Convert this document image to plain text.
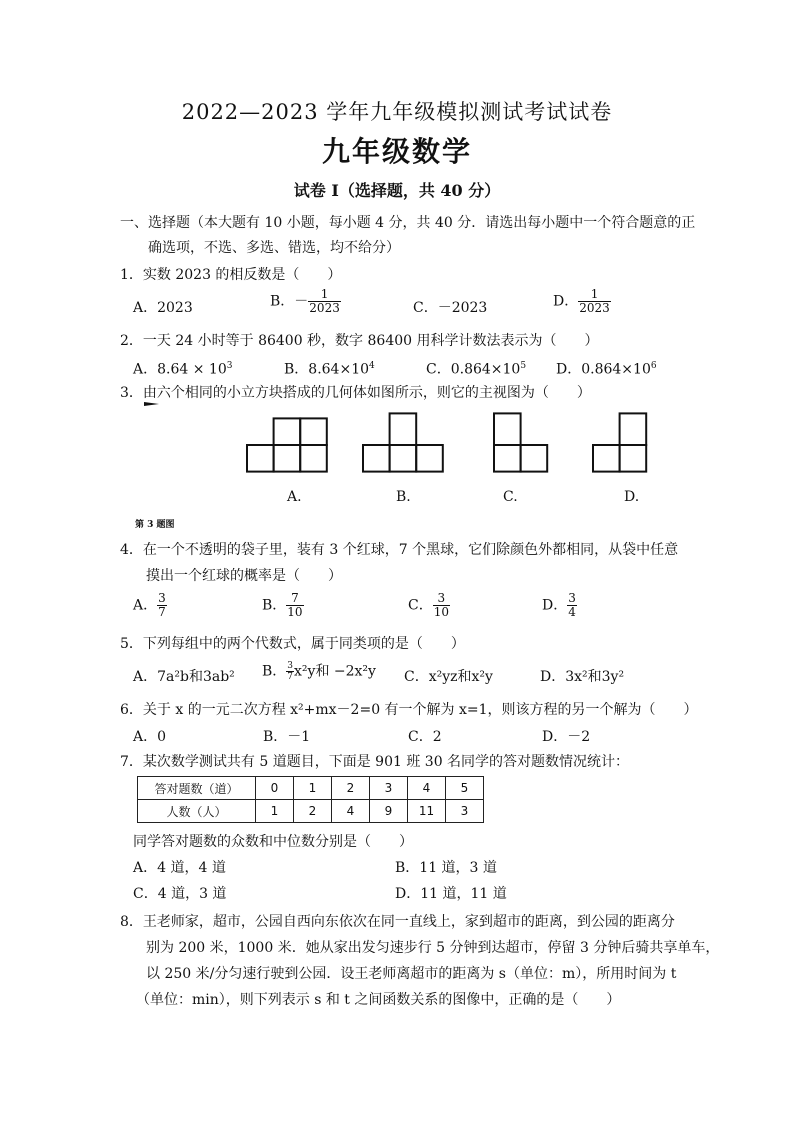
2022—2023 学年九年级模拟测试考试试卷
九年级数学
试卷 I（选择题，共 40 分）
一、选择题（本大题有 10 小题，每小题 4 分，共 40 分．请选出每小题中一个符合题意的正
确选项，不选、多选、错选，均不给分）
1．实数 2023 的相反数是（　　）
A．2023	B．－ $\frac{1}{2023}$	C．－2023	D． $\frac{1}{2023}$
2．一天 24 小时等于 86400 秒，数字 86400 用科学计数法表示为（　　）
A．$8.64 \times 10^3$	B．$8.64\times 10^4$	C．$0.864\times 10^5$ D．$0.864\times 10^6$
3．由六个相同的小立方块搭成的几何体如图所示，则它的主视图为（　　）
A.	B.	C.	D.
第 3 题图
4．在一个不透明的袋子里，装有 3 个红球，7 个黑球，它们除颜色外都相同，从袋中任意
摸出一个红球的概率是（　　）
A． $\frac{3}{7}$	B． $\frac{7}{10}$	C． $\frac{3}{10}$	D． $\frac{3}{4}$
5．下列每组中的两个代数式，属于同类项的是（　　）
A．7a²b和3ab² B． $\frac{3}{7} x^2y$和 −2x²y C．x²yz和x²y	D．3x²和3y²
6．关于 x 的一元二次方程 x²+mx－2=0 有一个解为 x=1，则该方程的另一个解为（　　）
A．0	B．－1	C．2	D．－2
7．某次数学测试共有 5 道题目，下面是 901 班 30 名同学的答对题数情况统计：
答对题数（道）	0	1	2	3	4	5
人数（人）	1	2	4	9	11	3
同学答对题数的众数和中位数分别是（　　）
A．4 道，4 道	B．11 道，3 道
C．4 道，3 道	D．11 道，11 道
8．王老师家，超市，公园自西向东依次在同一直线上，家到超市的距离，到公园的距离分
别为 200 米，1000 米．她从家出发匀速步行 5 分钟到达超市，停留 3 分钟后骑共享单车，
以 250 米/分匀速行驶到公园．设王老师离超市的距离为 s（单位：m），所用时间为 t
（单位：min），则下列表示 s 和 t 之间函数关系的图像中，正确的是（　　）
